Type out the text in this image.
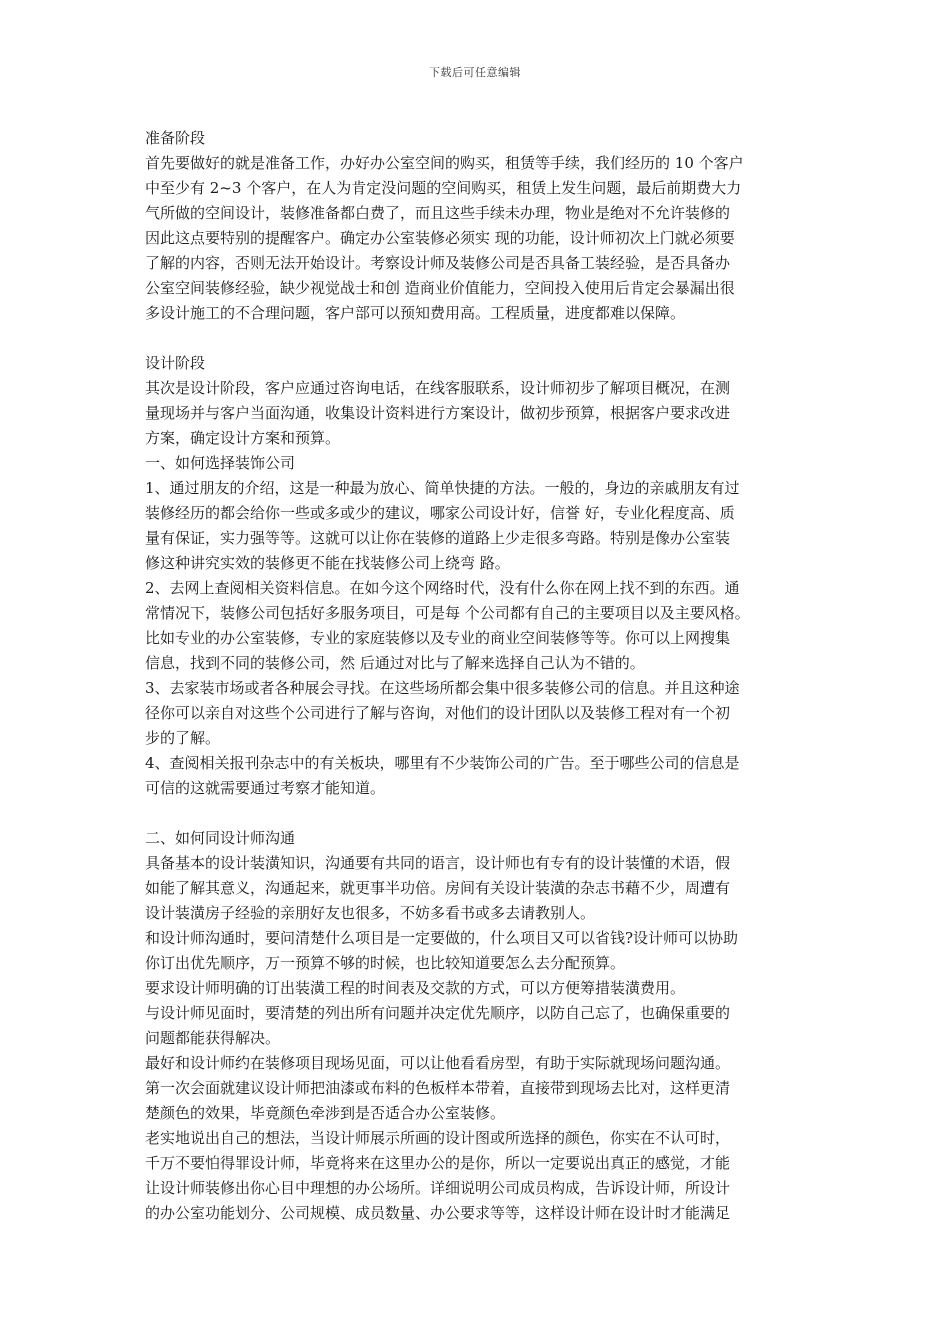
下载后可任意编辑
准备阶段
首先要做好的就是准备工作，办好办公室空间的购买，租赁等手续，我们经历的 10 个客户
中至少有 2~3 个客户，在人为肯定没问题的空间购买，租赁上发生问题，最后前期费大力
气所做的空间设计，装修准备都白费了，而且这些手续未办理，物业是绝对不允许装修的
因此这点要特别的提醒客户。确定办公室装修必须实 现的功能，设计师初次上门就必须要
了解的内容，否则无法开始设计。考察设计师及装修公司是否具备工装经验，是否具备办
公室空间装修经验，缺少视觉战士和创 造商业价值能力，空间投入使用后肯定会暴漏出很
多设计施工的不合理问题，客户部可以预知费用高。工程质量，进度都难以保障。
设计阶段
其次是设计阶段，客户应通过咨询电话，在线客服联系，设计师初步了解项目概况，在测
量现场并与客户当面沟通，收集设计资料进行方案设计，做初步预算，根据客户要求改进
方案，确定设计方案和预算。
一、如何选择装饰公司
1、通过朋友的介绍，这是一种最为放心、简单快捷的方法。一般的，身边的亲戚朋友有过
装修经历的都会给你一些或多或少的建议，哪家公司设计好，信誉 好，专业化程度高、质
量有保证，实力强等等。这就可以让你在装修的道路上少走很多弯路。特别是像办公室装
修这种讲究实效的装修更不能在找装修公司上绕弯 路。
2、去网上查阅相关资料信息。在如今这个网络时代，没有什么你在网上找不到的东西。通
常情况下，装修公司包括好多服务项目，可是每 个公司都有自己的主要项目以及主要风格。
比如专业的办公室装修，专业的家庭装修以及专业的商业空间装修等等。你可以上网搜集
信息，找到不同的装修公司，然 后通过对比与了解来选择自己认为不错的。
3、去家装市场或者各种展会寻找。在这些场所都会集中很多装修公司的信息。并且这种途
径你可以亲自对这些个公司进行了解与咨询，对他们的设计团队以及装修工程对有一个初
步的了解。
4、查阅相关报刊杂志中的有关板块，哪里有不少装饰公司的广告。至于哪些公司的信息是
可信的这就需要通过考察才能知道。
二、如何同设计师沟通
具备基本的设计装潢知识，沟通要有共同的语言，设计师也有专有的设计装懂的术语，假
如能了解其意义，沟通起来，就更事半功倍。房间有关设计装潢的杂志书藉不少，周遭有
设计装潢房子经验的亲朋好友也很多，不妨多看书或多去请教别人。
和设计师沟通时，要问清楚什么项目是一定要做的，什么项目又可以省钱?设计师可以协助
你订出优先顺序，万一预算不够的时候，也比较知道要怎么去分配预算。
要求设计师明确的订出装潢工程的时间表及交款的方式，可以方便筹措装潢费用。
与设计师见面时，要清楚的列出所有问题并决定优先顺序，以防自己忘了，也确保重要的
问题都能获得解决。
最好和设计师约在装修项目现场见面，可以让他看看房型，有助于实际就现场问题沟通。
第一次会面就建议设计师把油漆或布料的色板样本带着，直接带到现场去比对，这样更清
楚颜色的效果，毕竟颜色牵涉到是否适合办公室装修。
老实地说出自己的想法，当设计师展示所画的设计图或所选择的颜色，你实在不认可时，
千万不要怕得罪设计师，毕竟将来在这里办公的是你，所以一定要说出真正的感觉，才能
让设计师装修出你心目中理想的办公场所。详细说明公司成员构成，告诉设计师，所设计
的办公室功能划分、公司规模、成员数量、办公要求等等，这样设计师在设计时才能满足
